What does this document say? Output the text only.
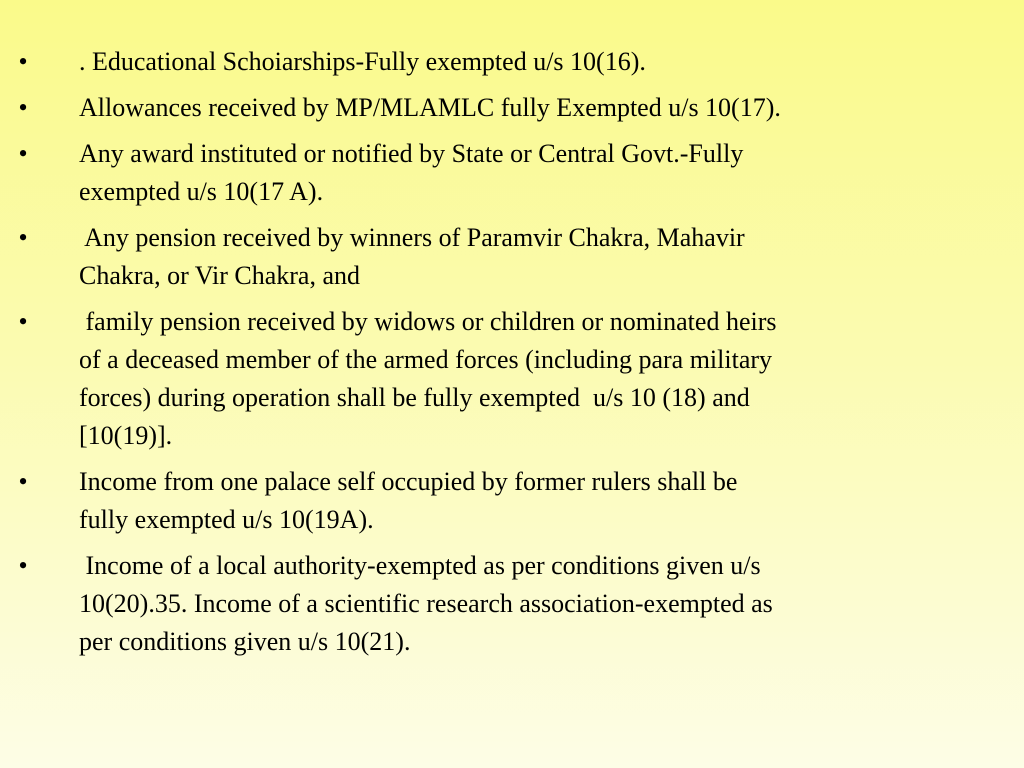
• . Educational Schoiarships-Fully exempted u/s 10(16).
• Allowances received by MP/MLAMLC fully Exempted u/s 10(17).
• Any award instituted or notified by State or Central Govt.-Fully
exempted u/s 10(17 A).
• Any pension received by winners of Paramvir Chakra, Mahavir
Chakra, or Vir Chakra, and
• family pension received by widows or children or nominated heirs
of a deceased member of the armed forces (including para military
forces) during operation shall be fully exempted  u/s 10 (18) and
[10(19)].
• Income from one palace self occupied by former rulers shall be
fully exempted u/s 10(19A).
• Income of a local authority-exempted as per conditions given u/s
10(20).35. Income of a scientific research association-exempted as
per conditions given u/s 10(21).
